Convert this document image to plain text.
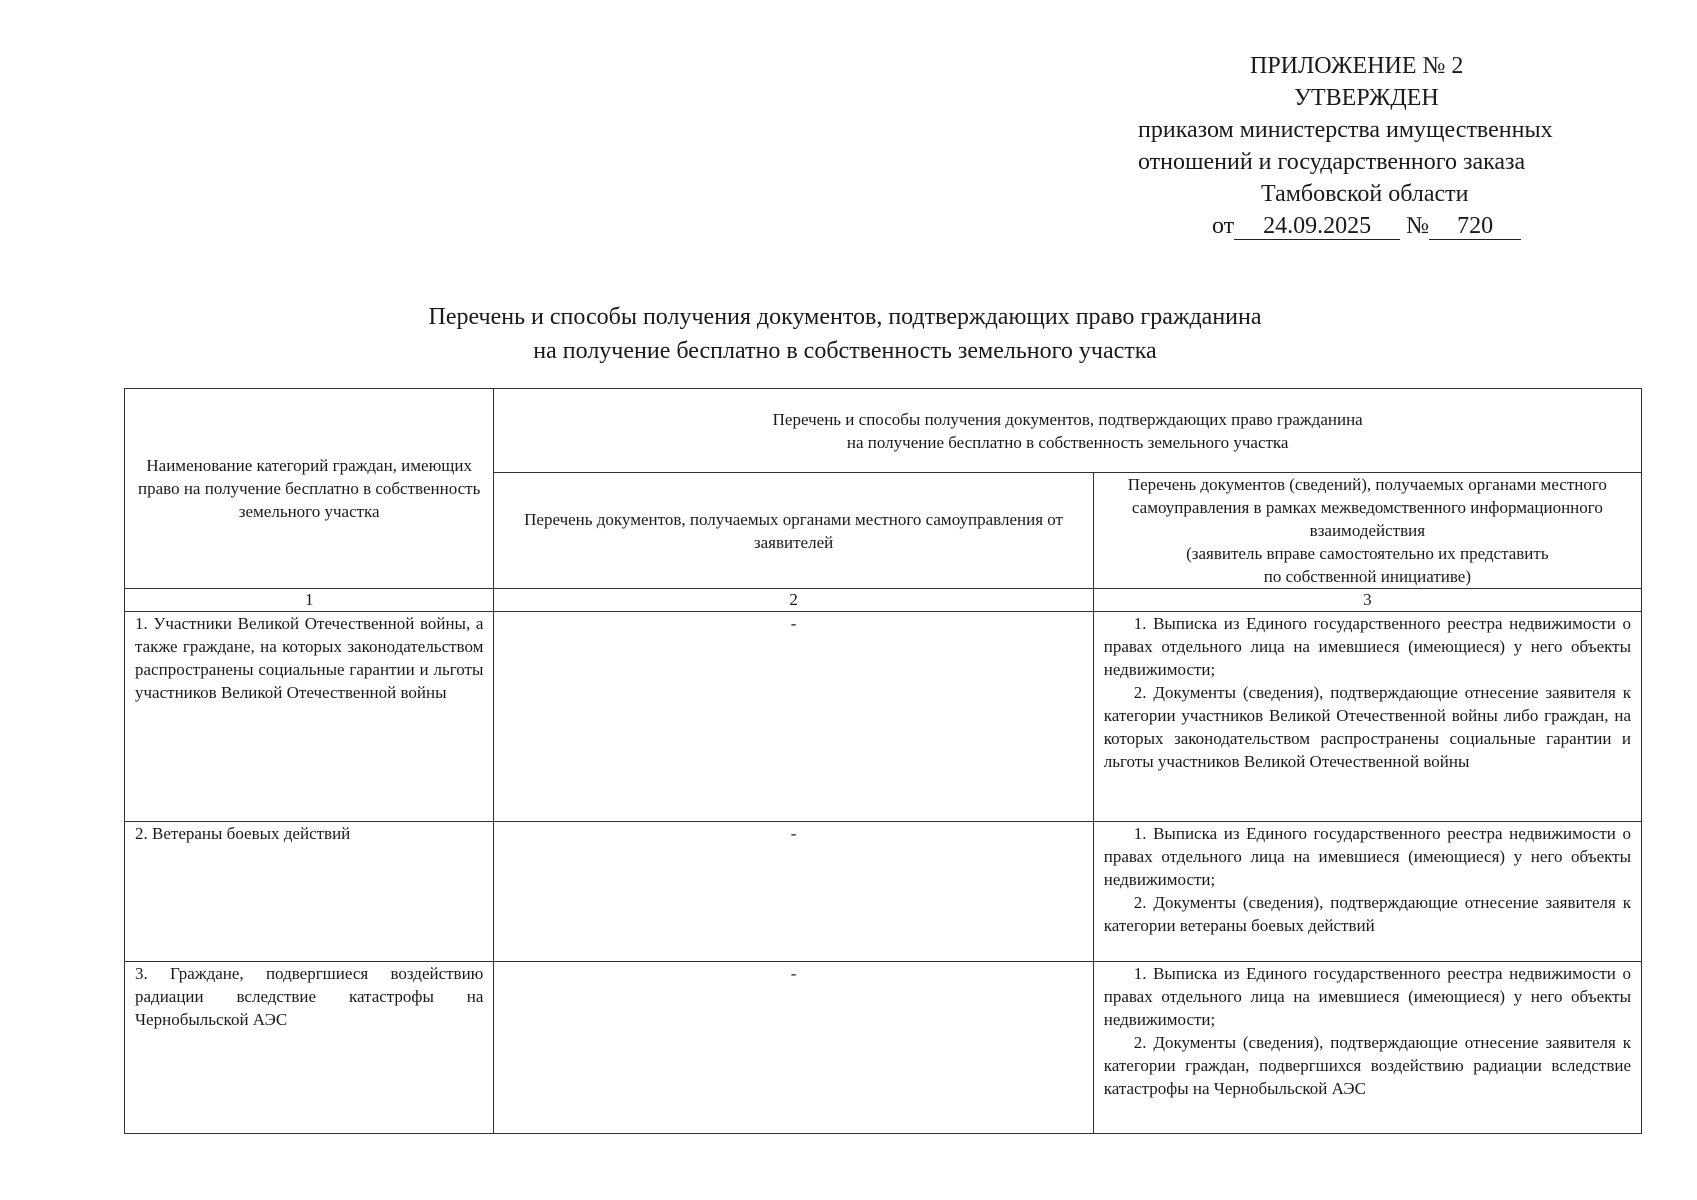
ПРИЛОЖЕНИЕ № 2
УТВЕРЖДЕН
приказом министерства имущественных
отношений и государственного заказа
Тамбовской области
от 24.09.2025 № 720
Перечень и способы получения документов, подтверждающих право гражданина
на получение бесплатно в собственность земельного участка
Наименование категорий граждан, имеющих право на получение бесплатно в собственность земельного участка	Перечень и способы получения документов, подтверждающих право гражданина
на получение бесплатно в собственность земельного участка	

	Перечень документов, получаемых органами местного самоуправления от заявителей	Перечень документов (сведений), получаемых органами местного самоуправления в рамках межведомственного информационного взаимодействия
(заявитель вправе самостоятельно их представить
по собственной инициативе)

1	2	3
1. Участники Великой Отечественной войны, а также граждане, на которых законодательством распространены социальные гарантии и льготы участников Великой Отечественной войны	-	1. Выписка из Единого государственного реестра недвижимости о правах отдельного лица на имевшиеся (имеющиеся) у него объекты недвижимости;

2. Документы (сведения), подтверждающие отнесение заявителя к категории участников Великой Отечественной войны либо граждан, на которых законодательством распространены социальные гарантии и льготы участников Великой Отечественной войны

2. Ветераны боевых действий	-	1. Выписка из Единого государственного реестра недвижимости о правах отдельного лица на имевшиеся (имеющиеся) у него объекты недвижимости;

2. Документы (сведения), подтверждающие отнесение заявителя к категории ветераны боевых действий

3. Граждане, подвергшиеся воздействию радиации вследствие катастрофы на Чернобыльской АЭС	-	1. Выписка из Единого государственного реестра недвижимости о правах отдельного лица на имевшиеся (имеющиеся) у него объекты недвижимости;

2. Документы (сведения), подтверждающие отнесение заявителя к категории граждан, подвергшихся воздействию радиации вследствие катастрофы на Чернобыльской АЭС
